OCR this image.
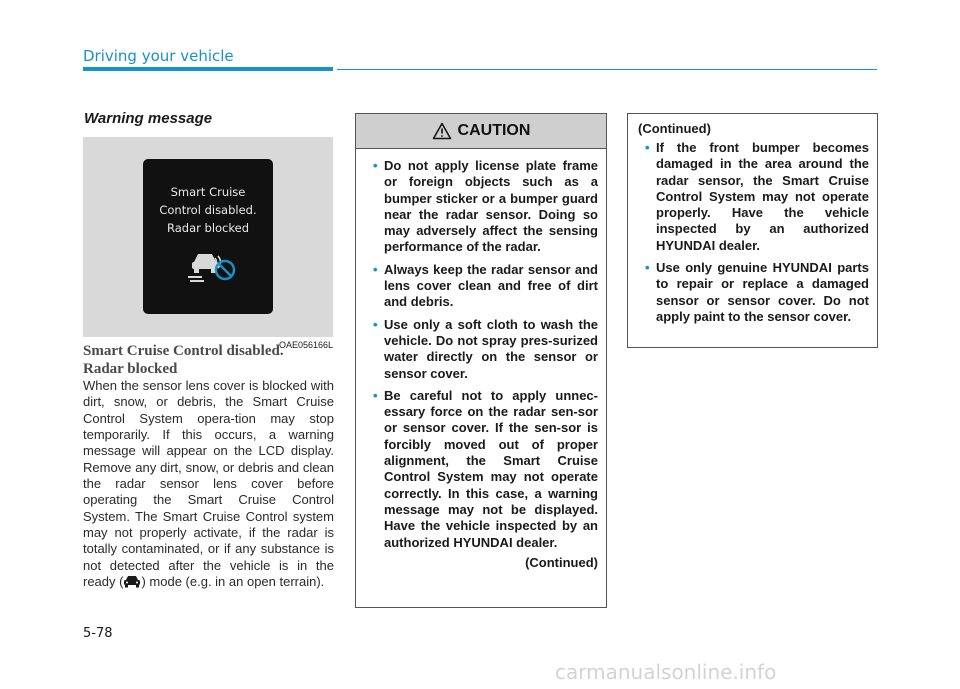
Driving your vehicle
Warning message
Smart Cruise
Control disabled.
Radar blocked
OAE056166L
Smart Cruise Control disabled.
Radar blocked
When the sensor lens cover is blocked with dirt, snow, or debris, the Smart Cruise Control System opera-tion may stop temporarily. If this occurs, a warning message will appear on the LCD display. Remove any dirt, snow, or debris and clean the radar sensor lens cover before operating the Smart Cruise Control System. The Smart Cruise Control system may not properly activate, if the radar is totally contaminated, or if any substance is not detected after the vehicle is in the ready ( ) mode (e.g. in an open terrain).
CAUTION
• Do not apply license plate frame or foreign objects such as a bumper sticker or a bumper guard near the radar sensor. Doing so may adversely affect the sensing performance of the radar.
• Always keep the radar sensor and lens cover clean and free of dirt and debris.
• Use only a soft cloth to wash the vehicle. Do not spray pres-surized water directly on the sensor or sensor cover.
• Be careful not to apply unnec-essary force on the radar sen-sor or sensor cover. If the sen-sor is forcibly moved out of proper alignment, the Smart Cruise Control System may not operate correctly. In this case, a warning message may not be displayed. Have the vehicle inspected by an authorized HYUNDAI dealer.
(Continued)
(Continued)
• If the front bumper becomes damaged in the area around the radar sensor, the Smart Cruise Control System may not operate properly. Have the vehicle inspected by an authorized HYUNDAI dealer.
• Use only genuine HYUNDAI parts to repair or replace a damaged sensor or sensor cover. Do not apply paint to the sensor cover.
5-78
carmanualsonline.info
